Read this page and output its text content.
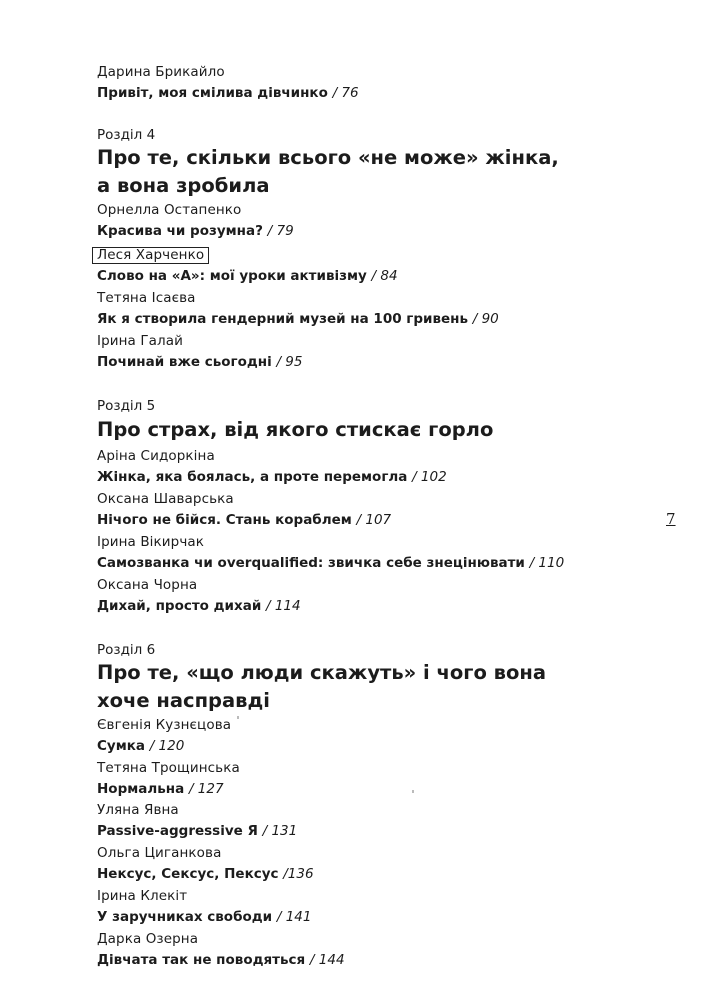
Дарина Брикайло
Привіт, моя сміливa дівчинко / 76
Розділ 4
Про те, скільки всього «не може» жінка,
а вона зробила
Орнелла Остапенко
Красива чи розумна? / 79
Леся Харченко
Слово на «А»: мої уроки активізму / 84
Тетяна Ісаєва
Як я створила гендерний музей на 100 гривень / 90
Ірина Галай
Починай вже сьогодні / 95
Розділ 5
Про страх, від якого стискає горло
Аріна Сидоркіна
Жінка, яка боялась, а проте перемогла / 102
Оксана Шаварська
Нічого не бійся. Стань кораблем / 107
Ірина Вікирчак
Самозванка чи overqualified: звичка себе знецінювати / 110
Оксана Чорна
Дихай, просто дихай / 114
Розділ 6
Про те, «що люди скажуть» і чого вона
хоче насправді
Євгенія Кузнєцова
Сумка / 120
Тетяна Трощинська
Нормальна / 127
Уляна Явна
Passive-aggressive Я / 131
Ольга Циганкова
Нексус, Сексус, Пексус /136
Ірина Клекіт
У заручниках свободи / 141
Дарка Озерна
Дівчата так не поводяться / 144
7
